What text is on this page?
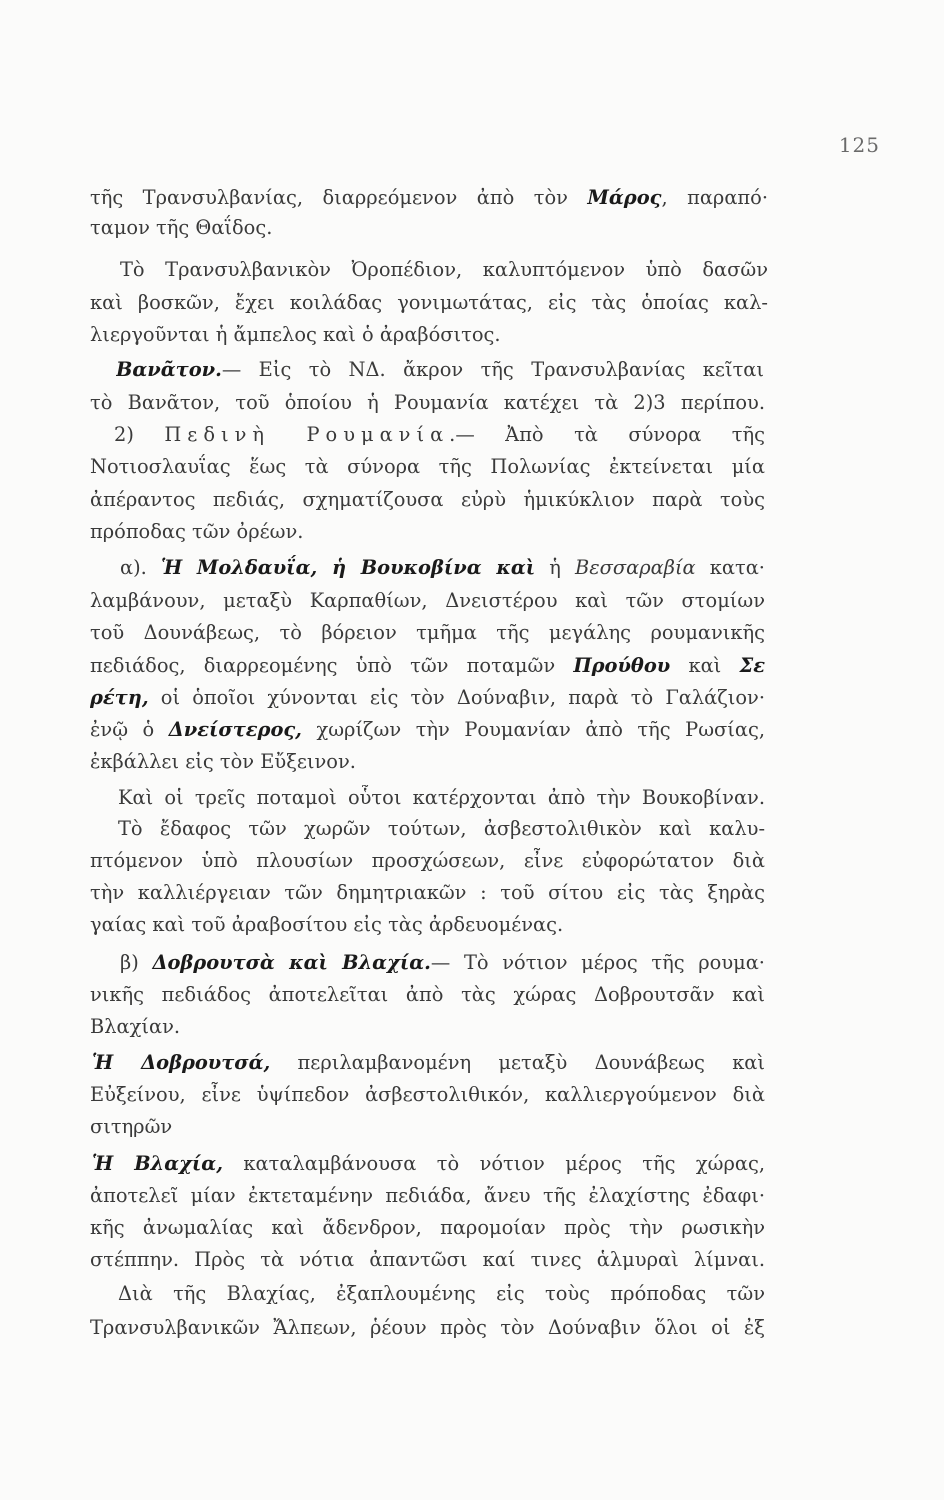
125
τῆς Τρανσυλβανίας, διαρρεόμενον ἀπὸ τὸν Μάρος, παραπό·
ταμον τῆς Θαΐδος.
Τὸ Τρανσυλβανικὸν Ὀροπέδιον, καλυπτόμενον ὑπὸ δασῶν
καὶ βοσκῶν, ἔχει κοιλάδας γονιμωτάτας, εἰς τὰς ὁποίας καλ-
λιεργοῦνται ἡ ἄμπελος καὶ ὁ ἀραβόσιτος.
Βανᾶτον.— Εἰς τὸ ΝΔ. ἄκρον τῆς Τρανσυλβανίας κεῖται
τὸ Βανᾶτον, τοῦ ὁποίου ἡ Ρουμανία κατέχει τὰ 2)3 περίπου.
2) Πεδινὴ Ρουμανία.— Ἀπὸ τὰ σύνορα τῆς
Νοτιοσλαυΐας ἕως τὰ σύνορα τῆς Πολωνίας ἐκτείνεται μία
ἀπέραντος πεδιάς, σχηματίζουσα εὐρὺ ἡμικύκλιον παρὰ τοὺς
πρόποδας τῶν ὀρέων.
α). Ἡ Μολδαυΐα, ἡ Βουκοβίνα καὶ ἡ Βεσσαραβία κατα·
λαμβάνουν, μεταξὺ Καρπαθίων, Δνειστέρου καὶ τῶν στομίων
τοῦ Δουνάβεως, τὸ βόρειον τμῆμα τῆς μεγάλης ρουμανικῆς
πεδιάδος, διαρρεομένης ὑπὸ τῶν ποταμῶν Προύθου καὶ Σε
ρέτη, οἱ ὁποῖοι χύνονται εἰς τὸν Δούναβιν, παρὰ τὸ Γαλάζιον·
ἐνῷ ὁ Δνείστερος, χωρίζων τὴν Ρουμανίαν ἀπὸ τῆς Ρωσίας,
ἐκβάλλει εἰς τὸν Εὔξεινον.
Καὶ οἱ τρεῖς ποταμοὶ οὗτοι κατέρχονται ἀπὸ τὴν Βουκοβίναν.
Τὸ ἔδαφος τῶν χωρῶν τούτων, ἀσβεστολιθικὸν καὶ καλυ-
πτόμενον ὑπὸ πλουσίων προσχώσεων, εἶνε εὐφορώτατον διὰ
τὴν καλλιέργειαν τῶν δημητριακῶν : τοῦ σίτου εἰς τὰς ξηρὰς
γαίας καὶ τοῦ ἀραβοσίτου εἰς τὰς ἀρδευομένας.
β) Δοβρουτσὰ καὶ Βλαχία.— Τὸ νότιον μέρος τῆς ρουμα·
νικῆς πεδιάδος ἀποτελεῖται ἀπὸ τὰς χώρας Δοβρουτσᾶν καὶ
Βλαχίαν.
Ἡ Δοβρουτσά, περιλαμβανομένη μεταξὺ Δουνάβεως καὶ
Εὐξείνου, εἶνε ὑψίπεδον ἀσβεστολιθικόν, καλλιεργούμενον διὰ
σιτηρῶν
Ἡ Βλαχία, καταλαμβάνουσα τὸ νότιον μέρος τῆς χώρας,
ἀποτελεῖ μίαν ἐκτεταμένην πεδιάδα, ἄνευ τῆς ἐλαχίστης ἐδαφι·
κῆς ἀνωμαλίας καὶ ἄδενδρον, παρομοίαν πρὸς τὴν ρωσικὴν
στέππην. Πρὸς τὰ νότια ἀπαντῶσι καί τινες ἁλμυραὶ λίμναι.
Διὰ τῆς Βλαχίας, ἐξαπλουμένης εἰς τοὺς πρόποδας τῶν
Τρανσυλβανικῶν Ἄλπεων, ῥέουν πρὸς τὸν Δούναβιν ὅλοι οἱ ἐξ
